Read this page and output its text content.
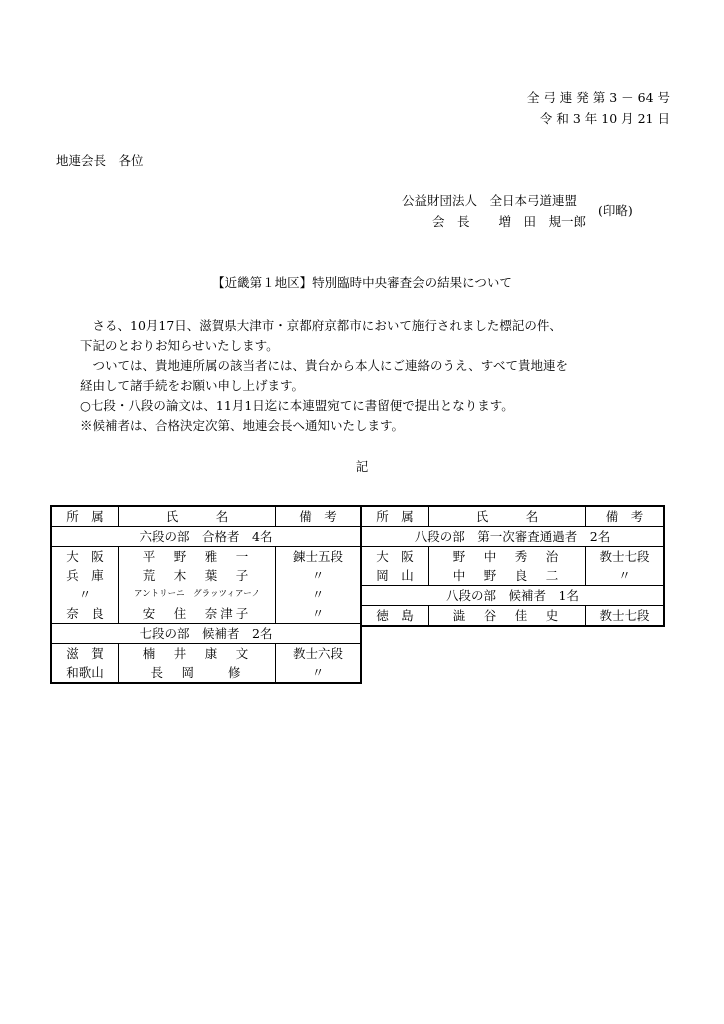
全 弓 連 発 第 3 － 64 号
令 和 3 年 10 月 21 日
地連会長　各位
公益財団法人　全日本弓道連盟
会　長　　 増　田　規一郎
(印略)
【近畿第１地区】特別臨時中央審査会の結果について
　さる、10月17日、滋賀県大津市・京都府京都市において施行されました標記の件、
下記のとおりお知らせいたします。
　ついては、貴地連所属の該当者には、貴台から本人にご連絡のうえ、すべて貴地連を
経由して諸手続をお願い申し上げます。
○七段・八段の論文は、11月1日迄に本連盟宛てに書留便で提出となります。
※候補者は、合格決定次第、地連会長へ通知いたします。
記
所　属	氏　　　名	備　考
六段の部　合格者　4名		
大　阪	平　野　雅　一	錬士五段
兵　庫	荒　木　葉　子	〃
〃	アントリーニ　グラッツィアーノ	〃
奈　良	安　住　奈津子	〃
七段の部　候補者　2名		
滋　賀	楠　井　康　文	教士六段
和歌山	長　岡　　修	〃
所　属	氏　　　名	備　考
八段の部　第一次審査通過者　2名		
大　阪	野　中　秀　治	教士七段
岡　山	中　野　良　二	〃
八段の部　候補者　1名		
徳　島	澁　谷　佳　史	教士七段
